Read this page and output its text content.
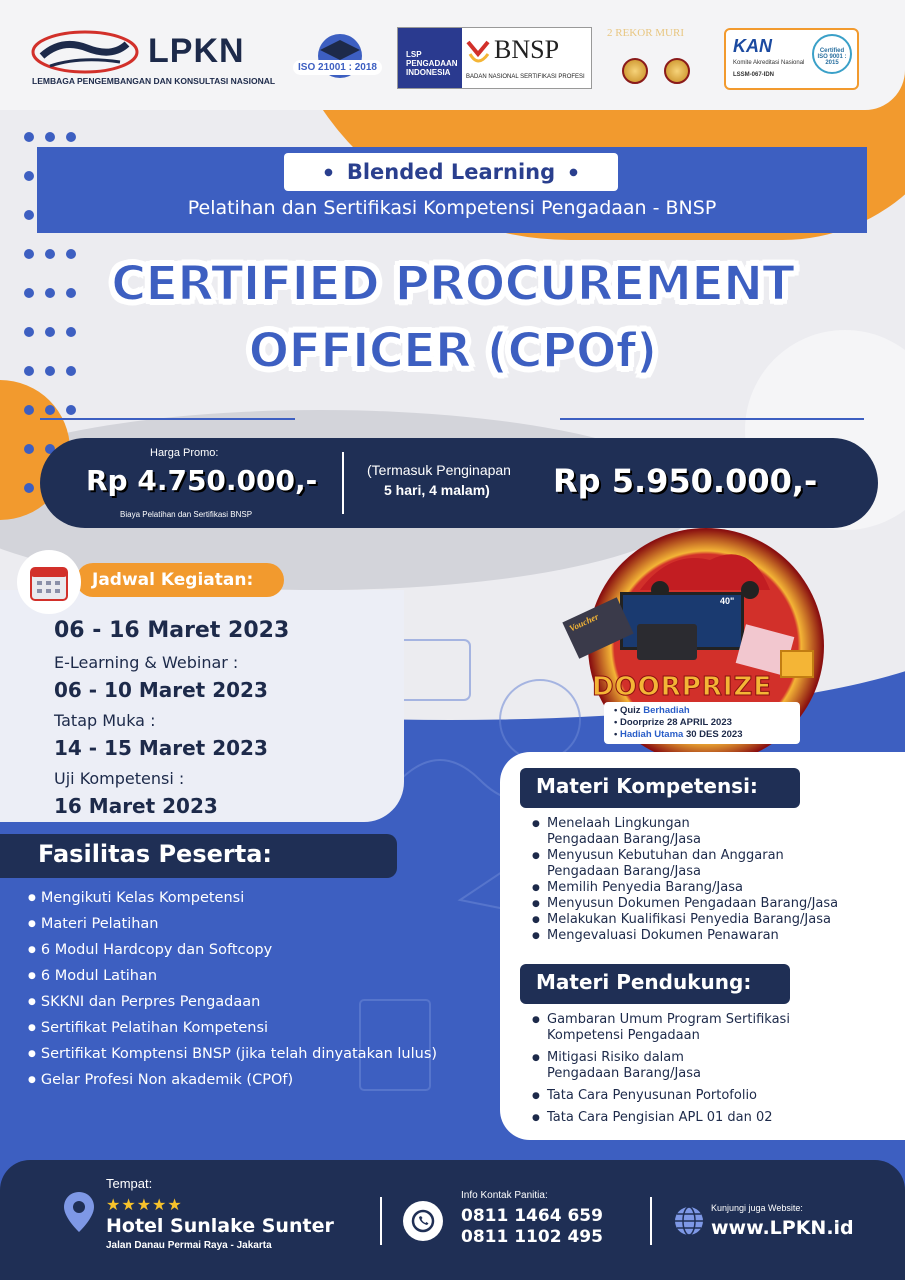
LPKN
LEMBAGA PENGEMBANGAN DAN KONSULTASI NASIONAL
ISO 21001 : 2018
LSP PENGADAAN INDONESIA
BNSP
BADAN NASIONAL SERTIFIKASI PROFESI
2 REKOR MURI
KAN
Komite Akreditasi Nasional
LSSM-067-IDN
Certified ISO 9001 : 2015
● Blended Learning ●
Pelatihan dan Sertifikasi Kompetensi Pengadaan - BNSP
CERTIFIED PROCUREMENT
OFFICER (CPOf)
Harga Promo:
Rp 4.750.000,-
Biaya Pelatihan dan Sertifikasi BNSP
(Termasuk Penginapan
5 hari, 4 malam) Rp 5.950.000,-
Jadwal Kegiatan:
06 - 16 Maret 2023
E-Learning & Webinar :
06 - 10 Maret 2023
Tatap Muka :
14 - 15 Maret 2023
Uji Kompetensi :
16 Maret 2023
Fasilitas Peserta:
● Mengikuti Kelas Kompetensi
● Materi Pelatihan
● 6 Modul Hardcopy dan Softcopy
● 6 Modul Latihan
● SKKNI dan Perpres Pengadaan
● Sertifikat Pelatihan Kompetensi
● Sertifikat Komptensi BNSP (jika telah dinyatakan lulus)
● Gelar Profesi Non akademik (CPOf)
40"
Voucher
DOORPRIZE
• Quiz Berhadiah
• Doorprize 28 APRIL 2023
• Hadiah Utama 30 DES 2023
Materi Kompetensi:
● Menelaah Lingkungan Pengadaan Barang/Jasa
● Menyusun Kebutuhan dan Anggaran Pengadaan Barang/Jasa
● Memilih Penyedia Barang/Jasa
● Menyusun Dokumen Pengadaan Barang/Jasa
● Melakukan Kualifikasi Penyedia Barang/Jasa
● Mengevaluasi Dokumen Penawaran
Materi Pendukung:
● Gambaran Umum Program Sertifikasi Kompetensi Pengadaan
● Mitigasi Risiko dalam Pengadaan Barang/Jasa
● Tata Cara Penyusunan Portofolio
● Tata Cara Pengisian APL 01 dan 02
Tempat:
★★★★★
Hotel Sunlake Sunter
Jalan Danau Permai Raya - Jakarta
Info Kontak Panitia:
0811 1464 659
0811 1102 495
Kunjungi juga Website:
www.LPKN.id
